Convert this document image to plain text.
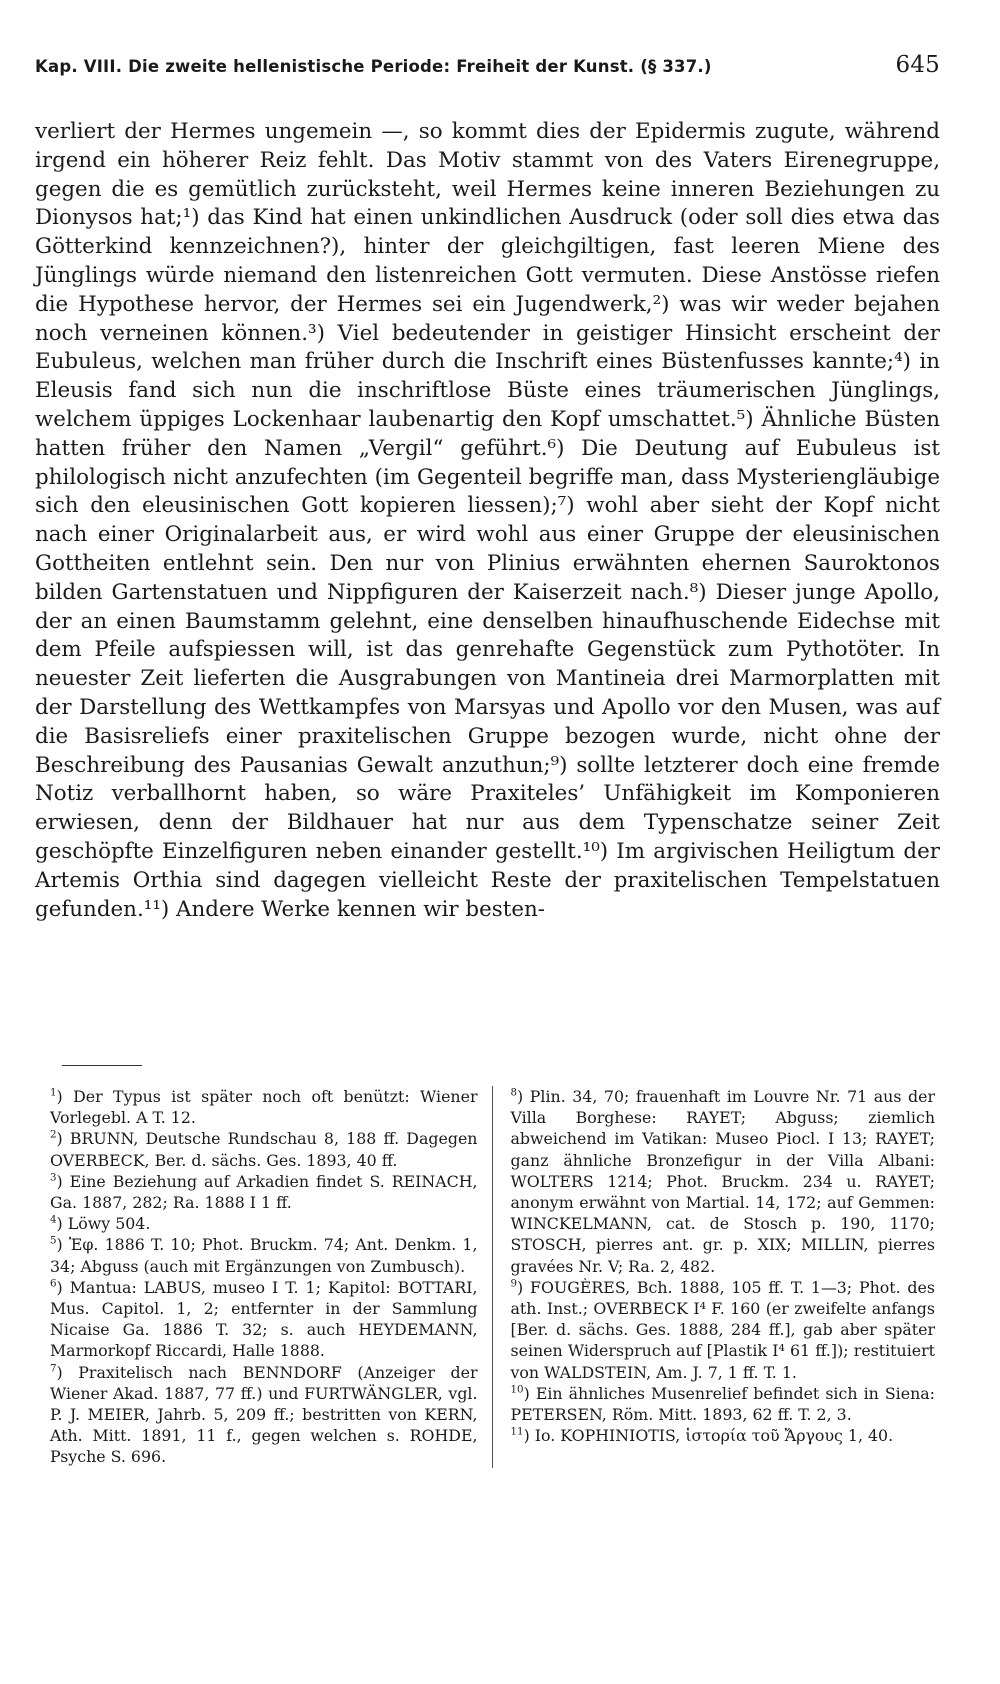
Kap. VIII. Die zweite hellenistische Periode: Freiheit der Kunst. (§ 337.)	645

verliert der Hermes ungemein —, so kommt dies der Epidermis zugute, während irgend ein höherer Reiz fehlt. Das Motiv stammt von des Vaters Eirenegruppe, gegen die es gemütlich zurücksteht, weil Hermes keine inneren Beziehungen zu Dionysos hat;¹) das Kind hat einen unkindlichen Ausdruck (oder soll dies etwa das Götterkind kennzeichnen?), hinter der gleichgiltigen, fast leeren Miene des Jünglings würde niemand den listenreichen Gott vermuten. Diese Anstösse riefen die Hypothese hervor, der Hermes sei ein Jugendwerk,²) was wir weder bejahen noch verneinen können.³) Viel bedeutender in geistiger Hinsicht erscheint der Eubuleus, welchen man früher durch die Inschrift eines Büstenfusses kannte;⁴) in Eleusis fand sich nun die inschriftlose Büste eines träumerischen Jünglings, welchem üppiges Lockenhaar laubenartig den Kopf umschattet.⁵) Ähnliche Büsten hatten früher den Namen „Vergil“ geführt.⁶) Die Deutung auf Eubuleus ist philologisch nicht anzufechten (im Gegenteil begriffe man, dass Mysteriengläubige sich den eleusinischen Gott kopieren liessen);⁷) wohl aber sieht der Kopf nicht nach einer Originalarbeit aus, er wird wohl aus einer Gruppe der eleusinischen Gottheiten entlehnt sein. Den nur von Plinius erwähnten ehernen Sauroktonos bilden Gartenstatuen und Nippfiguren der Kaiserzeit nach.⁸) Dieser junge Apollo, der an einen Baumstamm gelehnt, eine denselben hinaufhuschende Eidechse mit dem Pfeile aufspiessen will, ist das genrehafte Gegenstück zum Pythotöter. In neuester Zeit lieferten die Ausgrabungen von Mantineia drei Marmorplatten mit der Darstellung des Wettkampfes von Marsyas und Apollo vor den Musen, was auf die Basisreliefs einer praxitelischen Gruppe bezogen wurde, nicht ohne der Beschreibung des Pausanias Gewalt anzuthun;⁹) sollte letzterer doch eine fremde Notiz verballhornt haben, so wäre Praxiteles’ Unfähigkeit im Komponieren erwiesen, denn der Bildhauer hat nur aus dem Typenschatze seiner Zeit geschöpfte Einzelfiguren neben einander gestellt.¹⁰) Im argivischen Heiligtum der Artemis Orthia sind dagegen vielleicht Reste der praxitelischen Tempelstatuen gefunden.¹¹) Andere Werke kennen wir besten-

$^1$) Der Typus ist später noch oft benützt: Wiener Vorlegebl. A T. 12.

$^2$) BRUNN, Deutsche Rundschau 8, 188 ff. Dagegen OVERBECK, Ber. d. sächs. Ges. 1893, 40 ff.

$^3$) Eine Beziehung auf Arkadien findet S. REINACH, Ga. 1887, 282; Ra. 1888 I 1 ff.

$^4$) Löwy 504.

$^5$) Ἐφ. 1886 T. 10; Phot. Bruckm. 74; Ant. Denkm. 1, 34; Abguss (auch mit Ergänzungen von Zumbusch).

$^6$) Mantua: LABUS, museo I T. 1; Kapitol: BOTTARI, Mus. Capitol. 1, 2; entfernter in der Sammlung Nicaise Ga. 1886 T. 32; s. auch HEYDEMANN, Marmorkopf Riccardi, Halle 1888.

$^7$) Praxitelisch nach BENNDORF (Anzeiger der Wiener Akad. 1887, 77 ff.) und FURTWÄNGLER, vgl. P. J. MEIER, Jahrb. 5, 209 ff.; bestritten von KERN, Ath. Mitt. 1891, 11 f., gegen welchen s. ROHDE, Psyche S. 696.

$^8$) Plin. 34, 70; frauenhaft im Louvre Nr. 71 aus der Villa Borghese: RAYET; Abguss; ziemlich abweichend im Vatikan: Museo Piocl. I 13; RAYET; ganz ähnliche Bronzefigur in der Villa Albani: WOLTERS 1214; Phot. Bruckm. 234 u. RAYET; anonym erwähnt von Martial. 14, 172; auf Gemmen: WINCKELMANN, cat. de Stosch p. 190, 1170; STOSCH, pierres ant. gr. p. XIX; MILLIN, pierres gravées Nr. V; Ra. 2, 482.

$^9$) FOUGÈRES, Bch. 1888, 105 ff. T. 1—3; Phot. des ath. Inst.; OVERBECK I⁴ F. 160 (er zweifelte anfangs [Ber. d. sächs. Ges. 1888, 284 ff.], gab aber später seinen Widerspruch auf [Plastik I⁴ 61 ff.]); restituiert von WALDSTEIN, Am. J. 7, 1 ff. T. 1.

$^{10}$) Ein ähnliches Musenrelief befindet sich in Siena: PETERSEN, Röm. Mitt. 1893, 62 ff. T. 2, 3.

$^{11}$) Io. KOPHINIOTIS, ἱστορία τοῦ Ἄργους 1, 40.
